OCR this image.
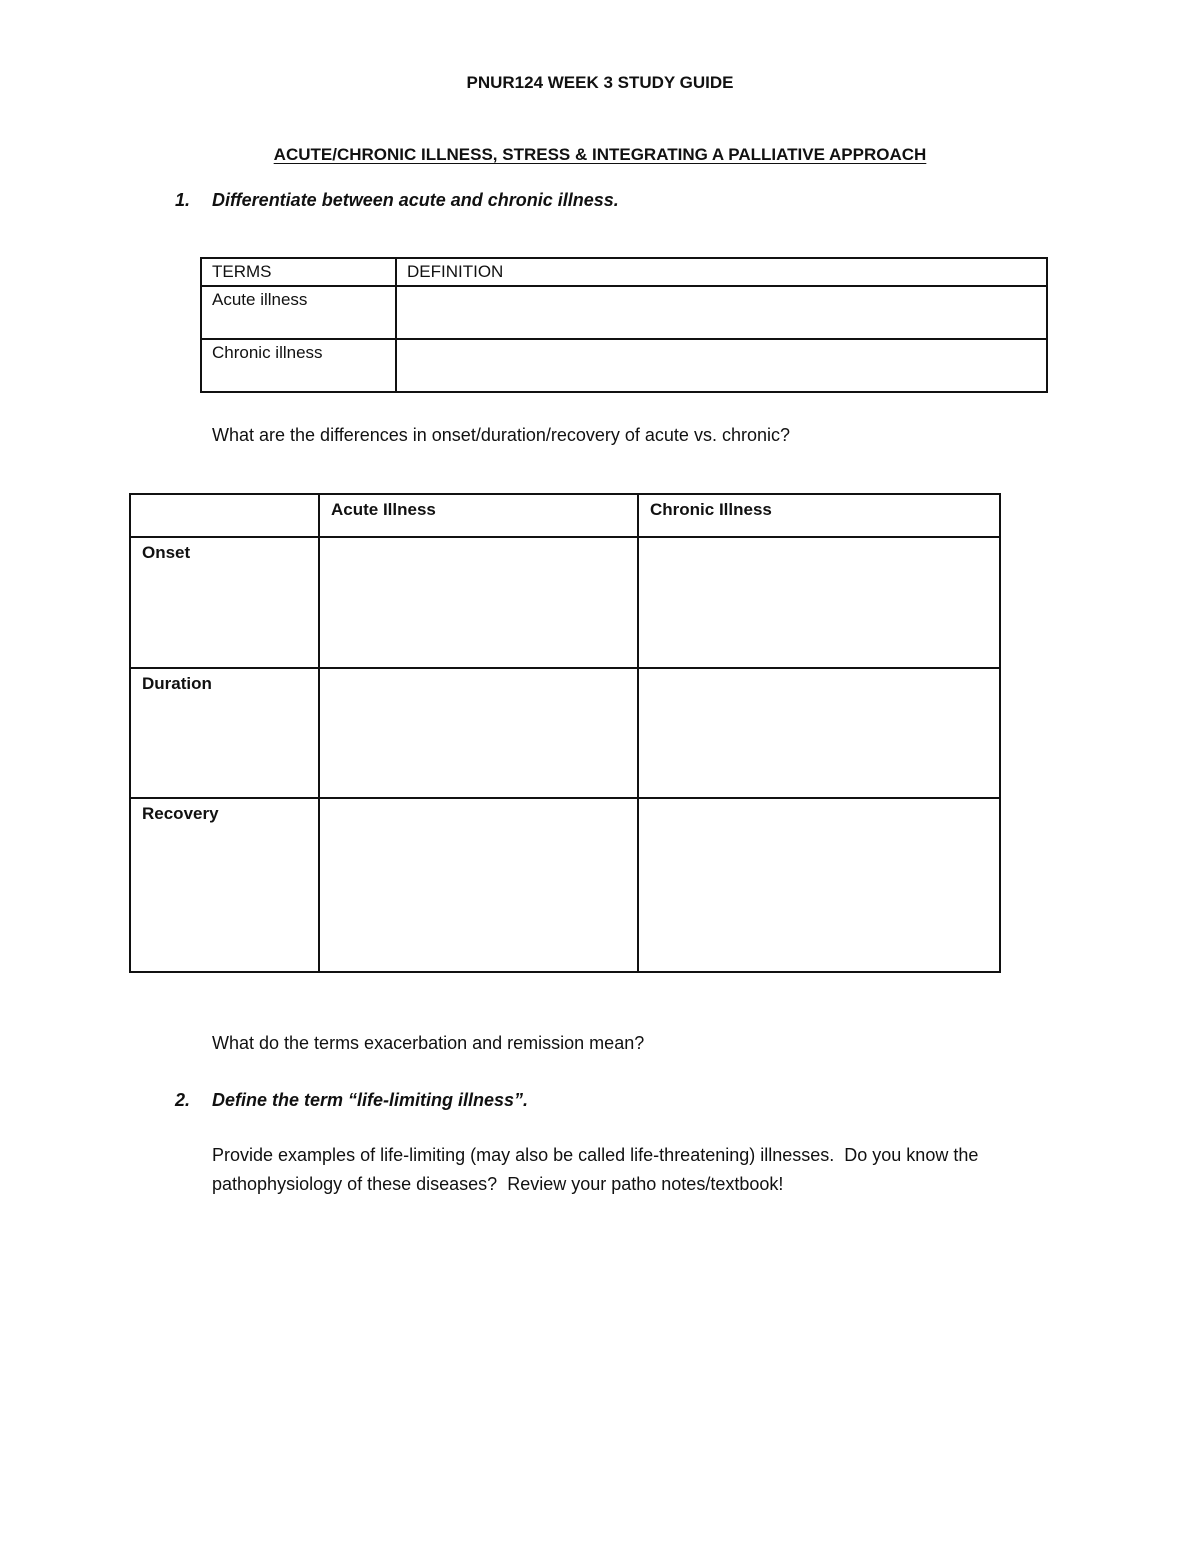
PNUR124 WEEK 3 STUDY GUIDE
ACUTE/CHRONIC ILLNESS, STRESS & INTEGRATING A PALLIATIVE APPROACH
1. Differentiate between acute and chronic illness.
TERMS	DEFINITION
Acute illness	
Chronic illness	
What are the differences in onset/duration/recovery of acute vs. chronic?
	Acute Illness	Chronic Illness
Onset		
Duration		
Recovery		
What do the terms exacerbation and remission mean?
2. Define the term “life-limiting illness”.
Provide examples of life-limiting (may also be called life-threatening) illnesses.  Do you know the
pathophysiology of these diseases?  Review your patho notes/textbook!
